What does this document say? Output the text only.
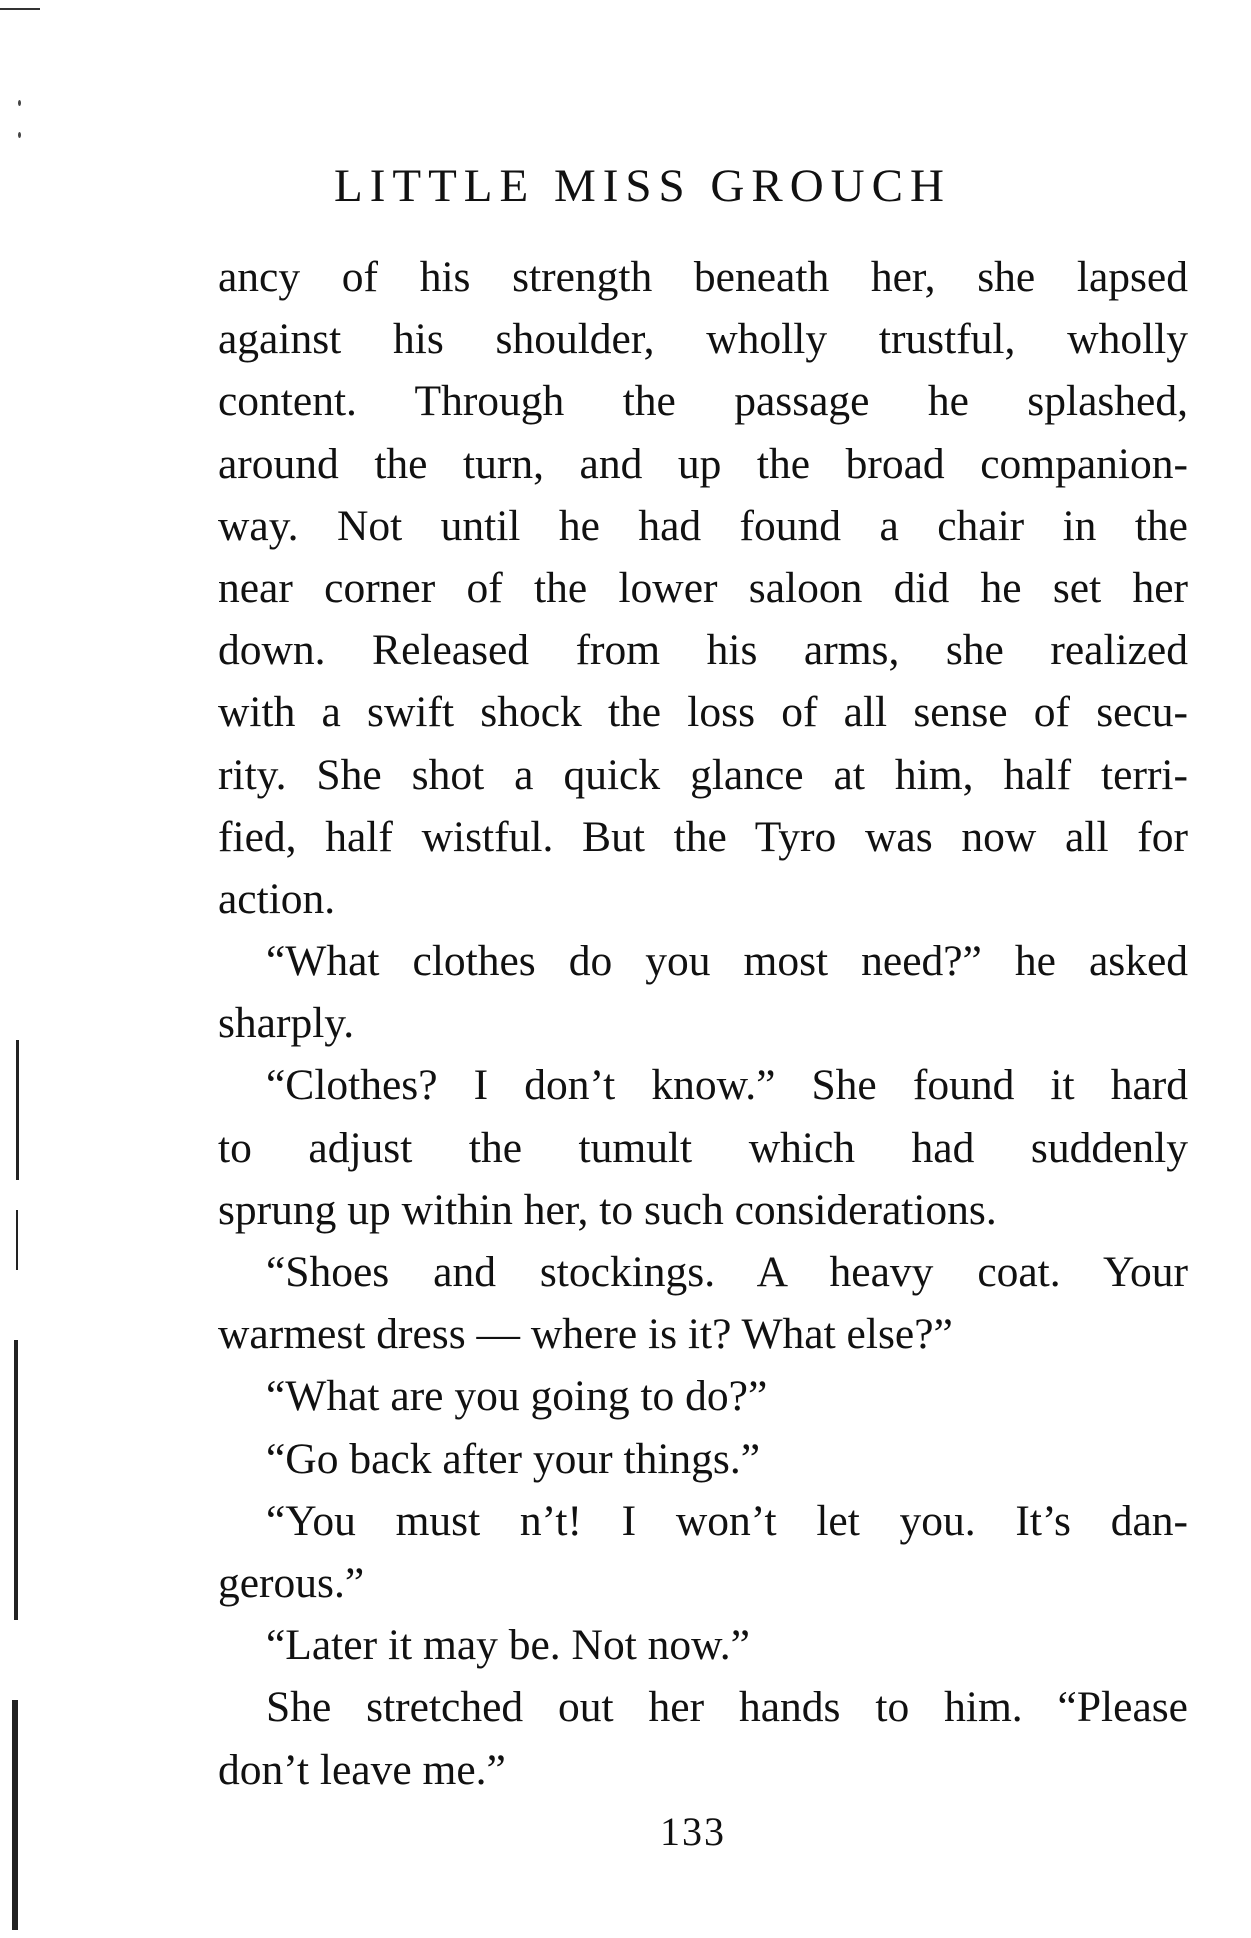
LITTLE MISS GROUCH
ancy of his strength beneath her, she lapsed
against his shoulder, wholly trustful, wholly
content. Through the passage he splashed,
around the turn, and up the broad companion-
way. Not until he had found a chair in the
near corner of the lower saloon did he set her
down. Released from his arms, she realized
with a swift shock the loss of all sense of secu-
rity. She shot a quick glance at him, half terri-
fied, half wistful. But the Tyro was now all for
action.
“What clothes do you most need?” he asked
sharply.
“Clothes? I don’t know.” She found it hard
to adjust the tumult which had suddenly
sprung up within her, to such considerations.
“Shoes and stockings. A heavy coat. Your
warmest dress — where is it? What else?”
“What are you going to do?”
“Go back after your things.”
“You must n’t! I won’t let you. It’s dan-
gerous.”
“Later it may be. Not now.”
She stretched out her hands to him. “Please
don’t leave me.”
133
